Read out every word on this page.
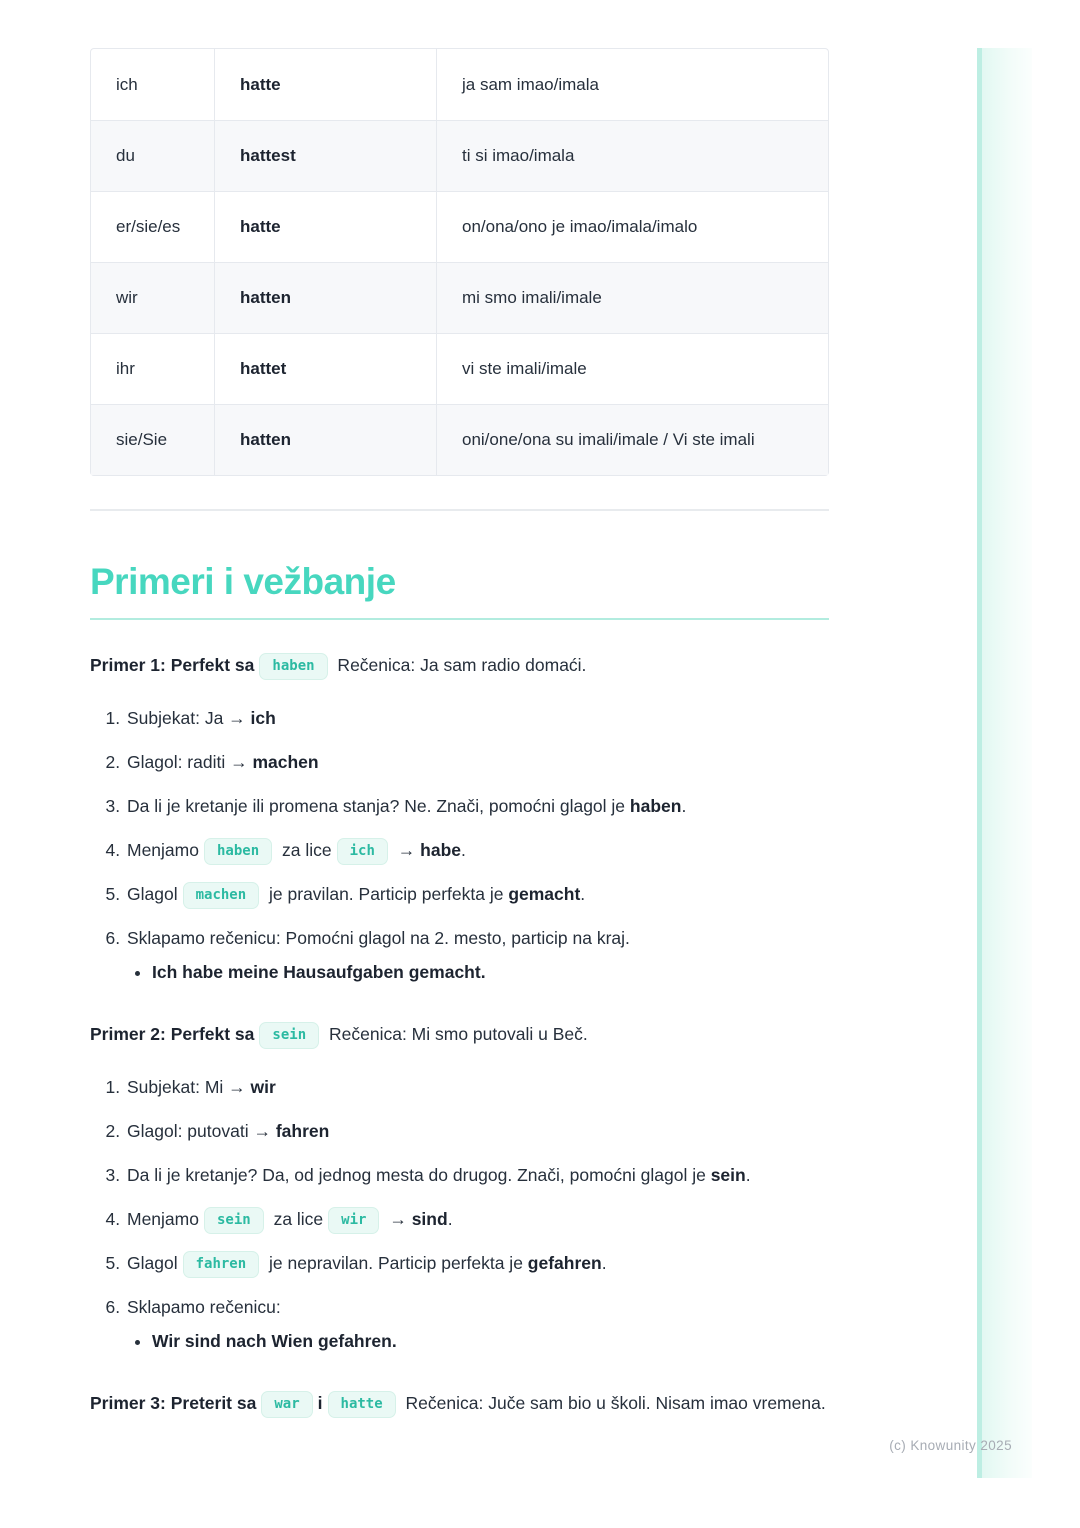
ich	hatte	ja sam imao/imala
du	hattest	ti si imao/imala
er/sie/es	hatte	on/ona/ono je imao/imala/imalo
wir	hatten	mi smo imali/imale
ihr	hattet	vi ste imali/imale
sie/Sie	hatten	oni/one/ona su imali/imale / Vi ste imali
Primeri i vežbanje

Primer 1: Perfekt sa haben Rečenica: Ja sam radio domaći.

1. Subjekat: Ja → ich
2. Glagol: raditi → machen
3. Da li je kretanje ili promena stanja? Ne. Znači, pomoćni glagol je haben.
4. Menjamo haben za lice ich → habe.
5. Glagol machen je pravilan. Particip perfekta je gemacht.
6. Sklapamo rečenicu: Pomoćni glagol na 2. mesto, particip na kraj.
• Ich habe meine Hausaufgaben gemacht.

Primer 2: Perfekt sa sein Rečenica: Mi smo putovali u Beč.

1. Subjekat: Mi → wir
2. Glagol: putovati → fahren
3. Da li je kretanje? Da, od jednog mesta do drugog. Znači, pomoćni glagol je sein.
4. Menjamo sein za lice wir → sind.
5. Glagol fahren je nepravilan. Particip perfekta je gefahren.
6. Sklapamo rečenicu:
• Wir sind nach Wien gefahren.

Primer 3: Preterit sa war i hatte Rečenica: Juče sam bio u školi. Nisam imao vremena.

(c) Knowunity 2025
